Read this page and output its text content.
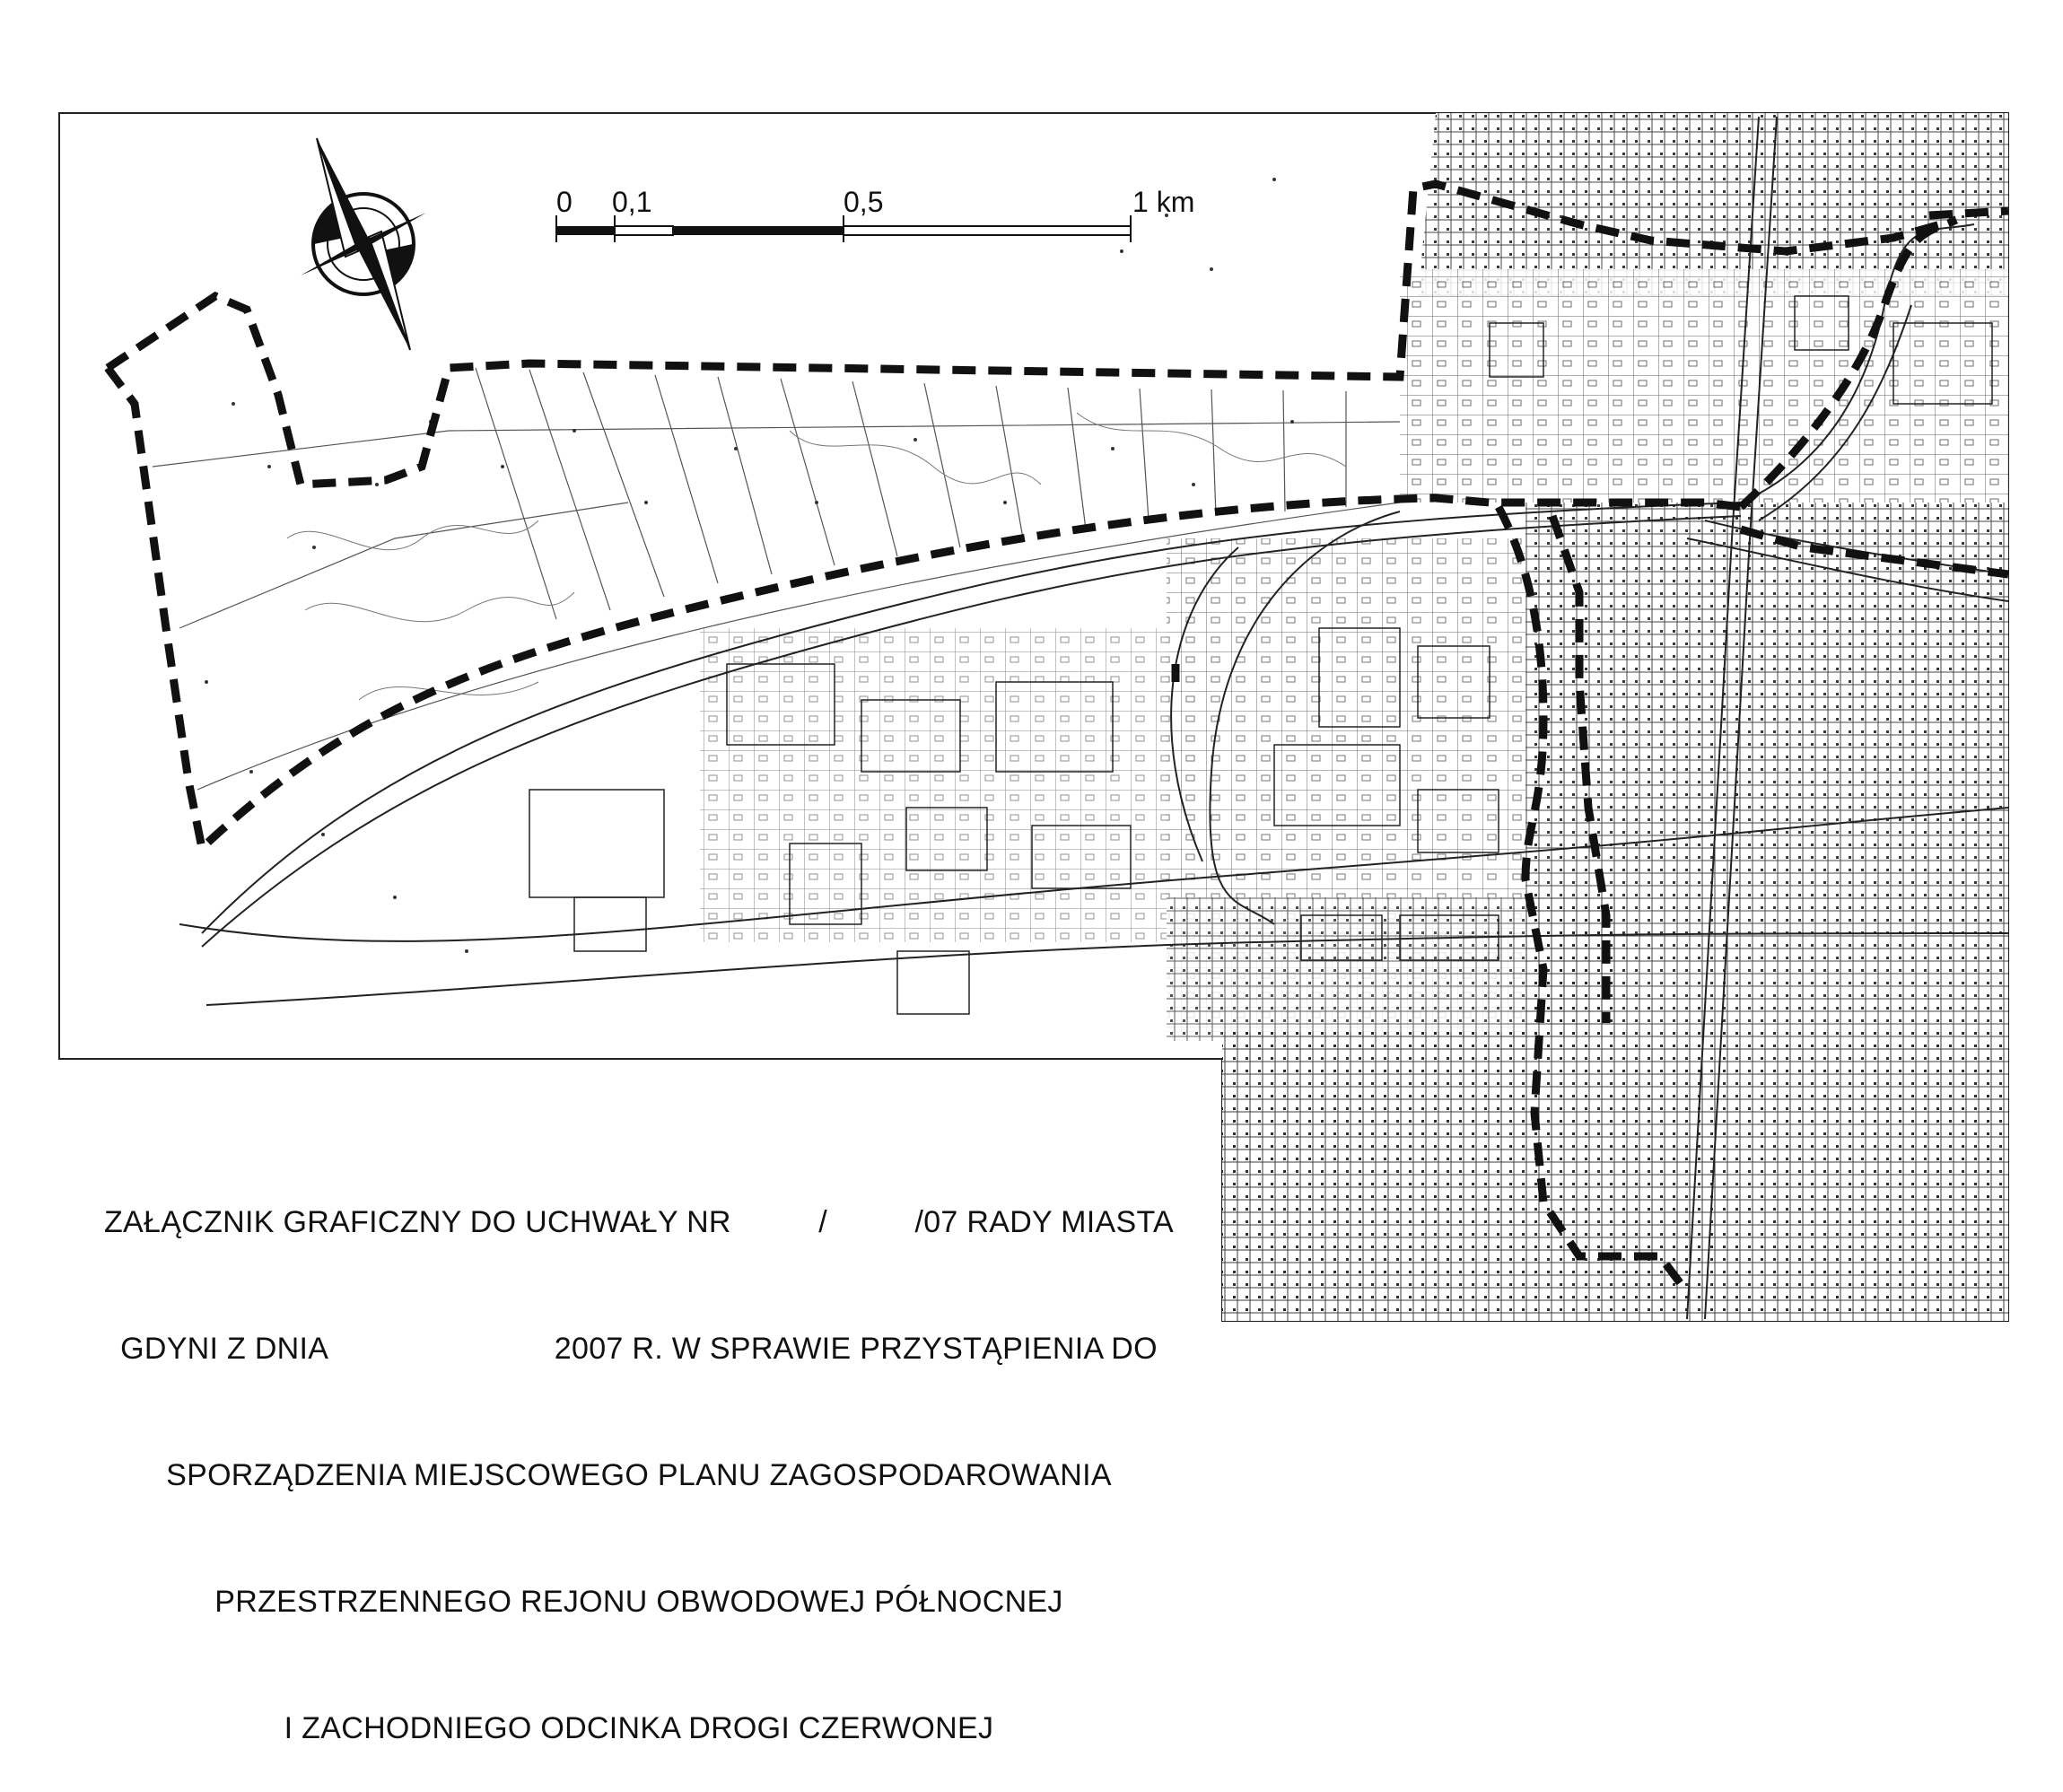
0 0,1	0,5	1 km

ZAŁĄCZNIK GRAFICZNY DO UCHWAŁY NR          /          /07 RADY MIASTA

GDYNI Z DNIA                          2007 R. W SPRAWIE PRZYSTĄPIENIA DO

SPORZĄDZENIA MIEJSCOWEGO PLANU ZAGOSPODAROWANIA

PRZESTRZENNEGO REJONU OBWODOWEJ PÓŁNOCNEJ

I ZACHODNIEGO ODCINKA DROGI CZERWONEJ
